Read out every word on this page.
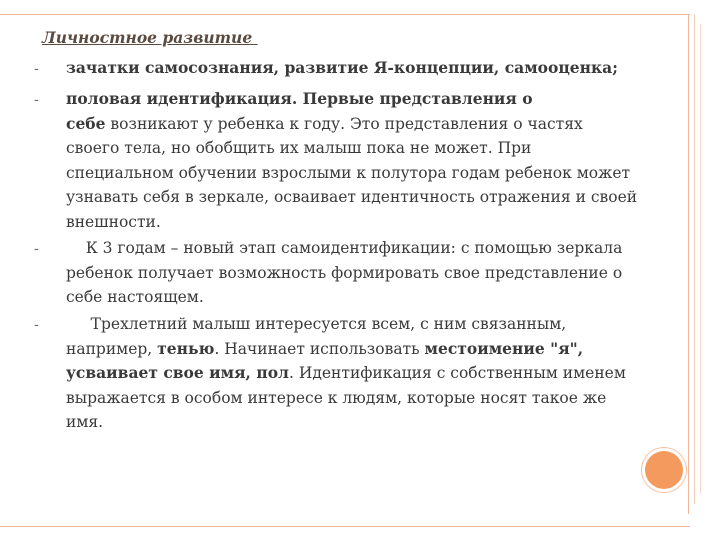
Личностное развитие
- зачатки самосознания, развитие Я-концепции, самооценка;
- половая идентификация. Первые представления о
себе возникают у ребенка к году. Это представления о частях
своего тела, но обобщить их малыш пока не может. При
специальном обучении взрослыми к полутора годам ребенок может
узнавать себя в зеркале, осваивает идентичность отражения и своей
внешности.
- К 3 годам – новый этап самоидентификации: с помощью зеркала
ребенок получает возможность формировать свое представление о
себе настоящем.
- Трехлетний малыш интересуется всем, с ним связанным,
например, тенью. Начинает использовать местоимение "я",
усваивает свое имя, пол. Идентификация с собственным именем
выражается в особом интересе к людям, которые носят такое же
имя.
